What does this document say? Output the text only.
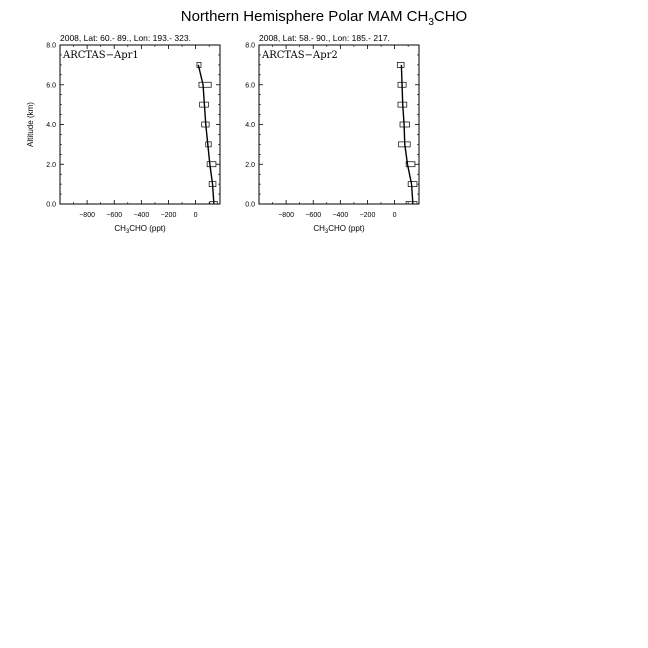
Northern Hemisphere Polar MAM $CH_3CHO$
2008, Lat: 60.- 89., Lon: 193.- 323.
ARCTAS−Apr1
−800 −600 −400 −200 0
0.0
2.0
4.0
6.0
8.0
$CH_3CHO$ (ppt)
Altitude (km)
2008, Lat: 58.- 90., Lon: 185.- 217.
ARCTAS−Apr2
−800 −600 −400 −200 0
0.0
2.0
4.0
6.0
8.0
$CH_3CHO$ (ppt)
